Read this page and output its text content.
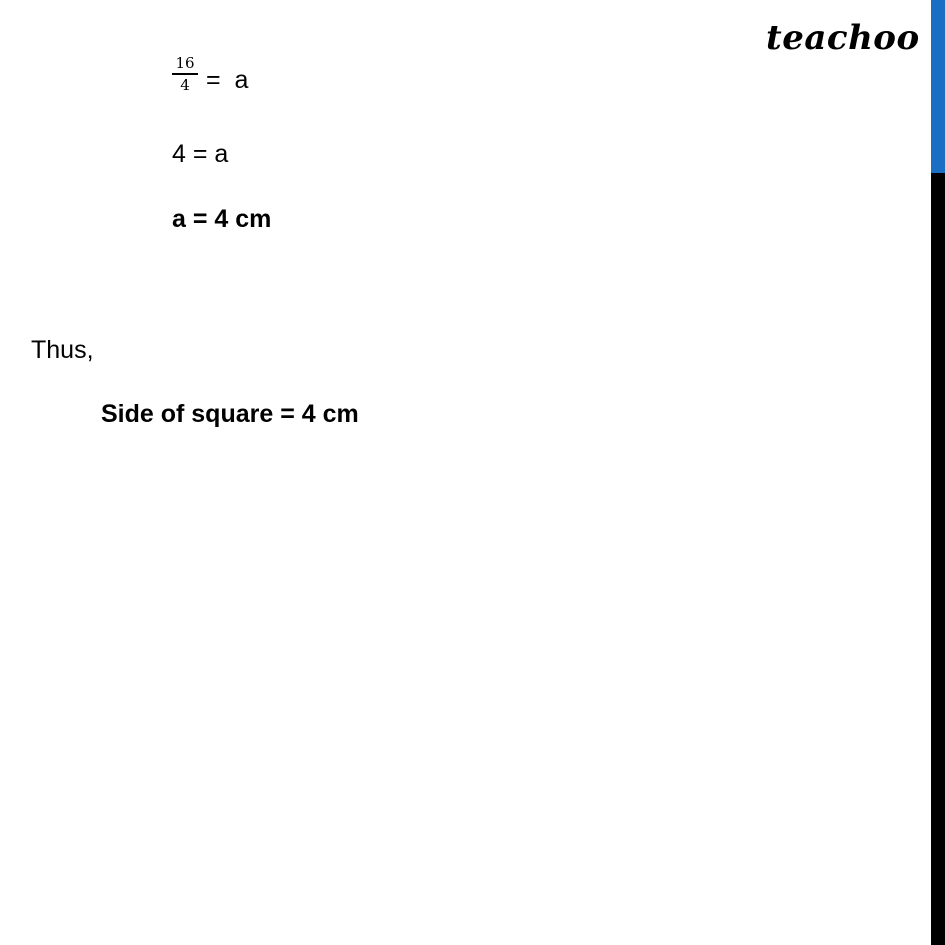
teachoo
16
4 =  a
4 = a
a = 4 cm
Thus,
Side of square = 4 cm
